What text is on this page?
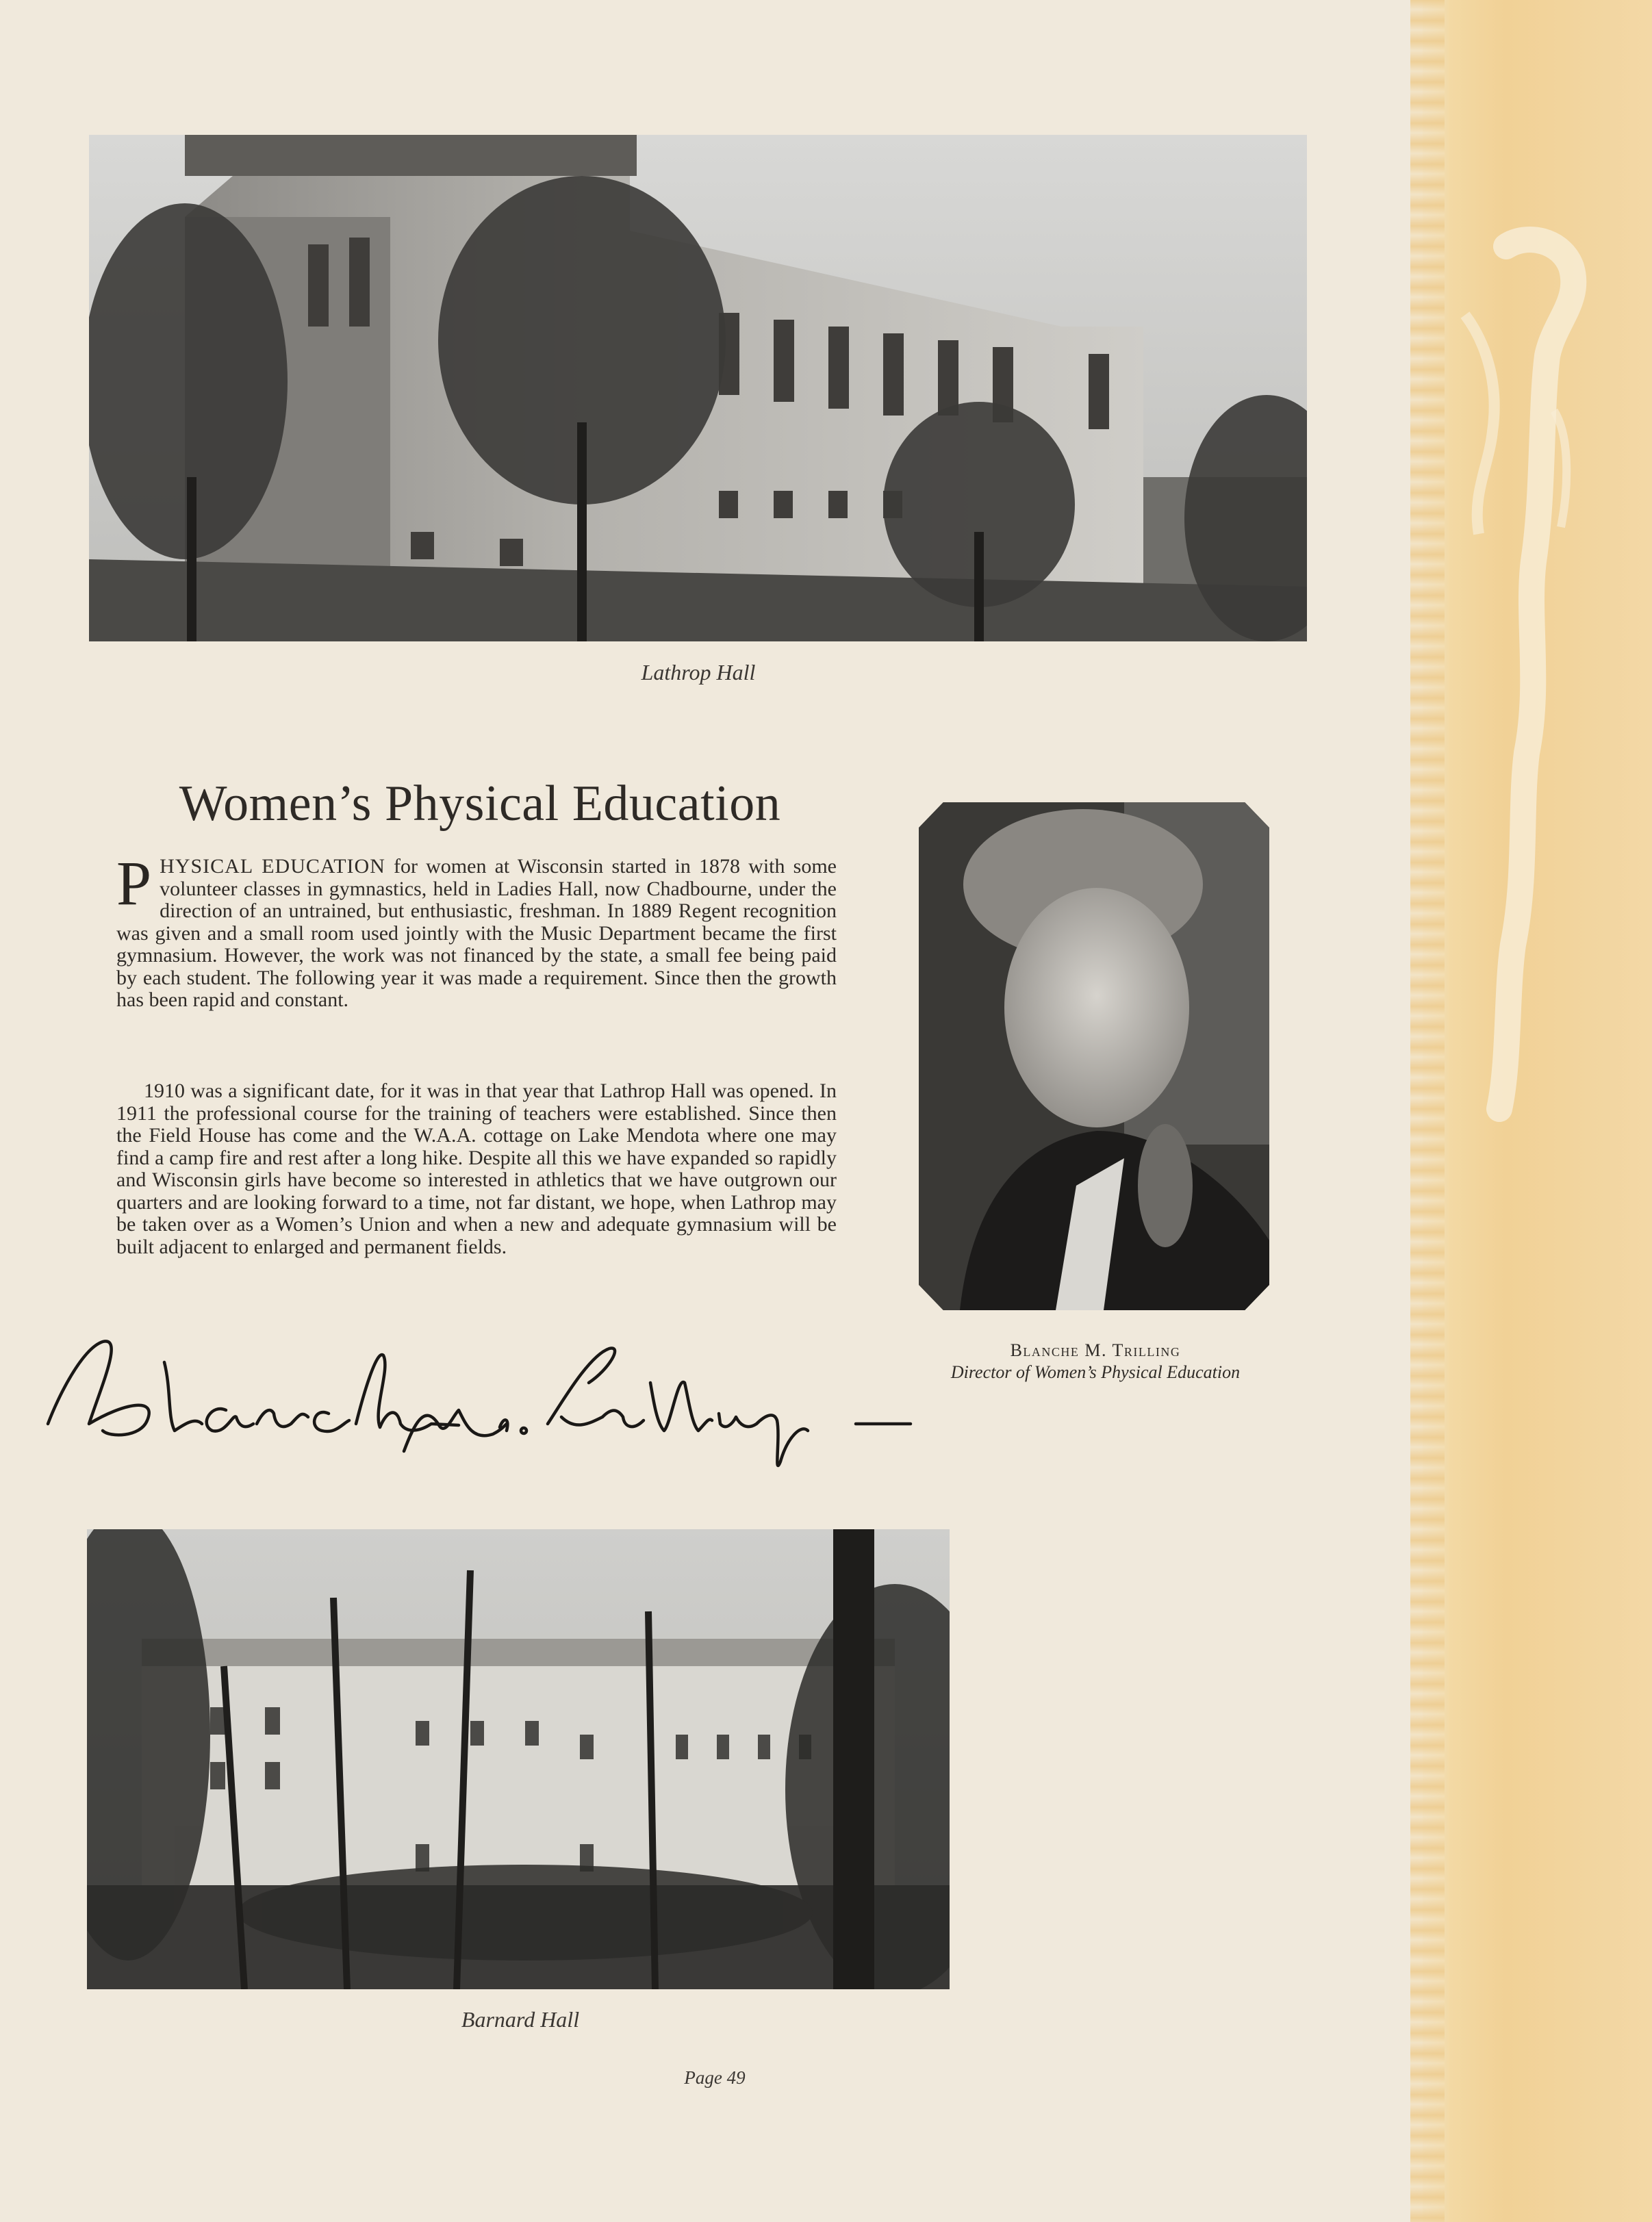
Lathrop Hall
Women’s Physical Education
PHYSICAL EDUCATION for women at Wisconsin started in 1878 with some volunteer classes in gymnastics, held in Ladies Hall, now Chadbourne, under the direction of an untrained, but enthusiastic, freshman. In 1889 Regent recognition was given and a small room used jointly with the Music Department became the first gymnasium. However, the work was not financed by the state, a small fee being paid by each student. The following year it was made a requirement. Since then the growth has been rapid and constant.
1910 was a significant date, for it was in that year that Lathrop Hall was opened. In 1911 the professional course for the training of teachers were established. Since then the Field House has come and the W.A.A. cottage on Lake Mendota where one may find a camp fire and rest after a long hike. Despite all this we have expanded so rapidly and Wisconsin girls have become so interested in athletics that we have outgrown our quarters and are looking forward to a time, not far distant, we hope, when Lathrop may be taken over as a Women’s Union and when a new and adequate gymnasium will be built adjacent to enlarged and permanent fields.
Blanche M. Trilling
Director of Women’s Physical Education
Barnard Hall
Page 49
